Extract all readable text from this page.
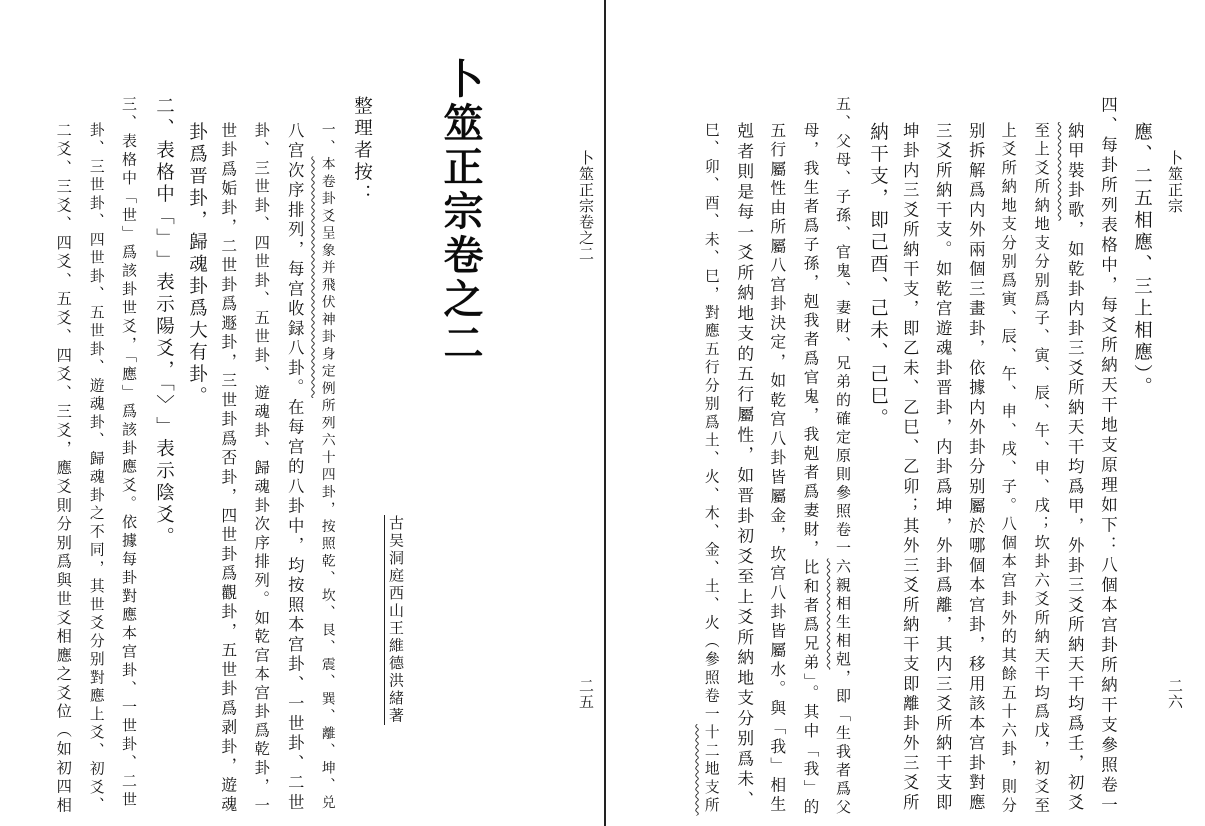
卜筮正宗卷之二
二五
卜筮正宗卷之二
古吴洞庭西山王維德洪緒著
整理者按：
一、本卷卦爻呈象并飛伏神卦身定例所列六十四卦，按照乾、坎、艮、震、巽、離、坤、兑
八宫次序排列，每宫收録八卦。在每宫的八卦中，均按照本宫卦、一世卦、二世
卦、三世卦、四世卦、五世卦、遊魂卦、歸魂卦次序排列。如乾宫本宫卦爲乾卦，一
世卦爲姤卦，二世卦爲遯卦，三世卦爲否卦，四世卦爲觀卦，五世卦爲剥卦，遊魂
卦爲晋卦，歸魂卦爲大有卦。
二、表格中「﹂」表示陽爻，「﹀」表示陰爻。
三、表格中「世」爲該卦世爻，「應」爲該卦應爻。依據每卦對應本宫卦、一世卦、二世
卦、三世卦、四世卦、五世卦、遊魂卦、歸魂卦之不同，其世爻分别對應上爻、初爻、
二爻、三爻、四爻、五爻、四爻、三爻，應爻則分别爲與世爻相應之爻位（如初四相	卜筮正宗
二六
應、二五相應、三上相應）。
四、每卦所列表格中，每爻所納天干地支原理如下：八個本宫卦所納干支參照卷一
納甲裝卦歌，如乾卦内卦三爻所納天干均爲甲，外卦三爻所納天干均爲壬，初爻
至上爻所納地支分别爲子、寅、辰、午、申、戌；坎卦六爻所納天干均爲戊，初爻至
上爻所納地支分别爲寅、辰、午、申、戌、子。八個本宫卦外的其餘五十六卦，則分
别拆解爲内外兩個三畫卦，依據内外卦分别屬於哪個本宫卦，移用該本宫卦對應
三爻所納干支。如乾宫遊魂卦晋卦，内卦爲坤，外卦爲離，其内三爻所納干支即
坤卦内三爻所納干支，即乙未、乙巳、乙卯；其外三爻所納干支即離卦外三爻所
納干支，即己酉、己未、己巳。
五、父母、子孫、官鬼、妻財、兄弟的確定原則參照卷一六親相生相剋，即「生我者爲父
母，我生者爲子孫，剋我者爲官鬼，我剋者爲妻財，比和者爲兄弟」。其中「我」的
五行屬性由所屬八宫卦決定，如乾宫八卦皆屬金，坎宫八卦皆屬水。與「我」相生
剋者則是每一爻所納地支的五行屬性，如晋卦初爻至上爻所納地支分别爲未、
巳、卯、酉、未、巳，對應五行分别爲土、火、木、金、土、火（參照卷一十二地支所
